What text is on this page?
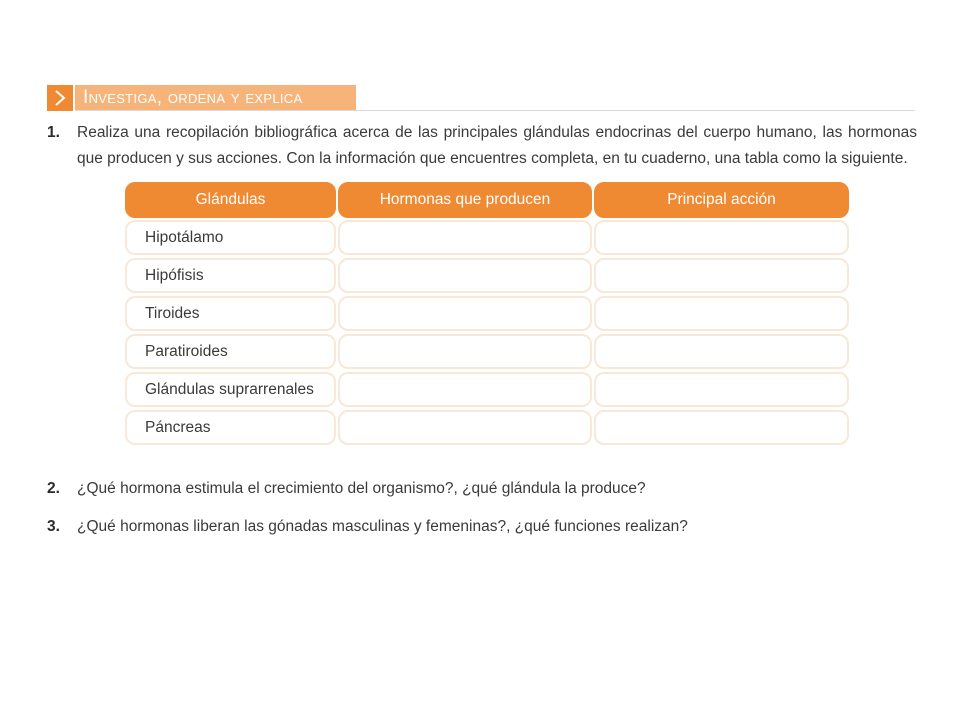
Investiga, ordena y explica
1. Realiza una recopilación bibliográfica acerca de las principales glándulas endocrinas del cuerpo humano, las hormonas que producen y sus acciones. Con la información que encuentres completa, en tu cuaderno, una tabla como la siguiente.
Glándulas	Hormonas que producen	Principal acción
Hipotálamo
Hipófisis
Tiroides
Paratiroides
Glándulas suprarrenales
Páncreas
2. ¿Qué hormona estimula el crecimiento del organismo?, ¿qué glándula la produce?
3. ¿Qué hormonas liberan las gónadas masculinas y femeninas?, ¿qué funciones realizan?
